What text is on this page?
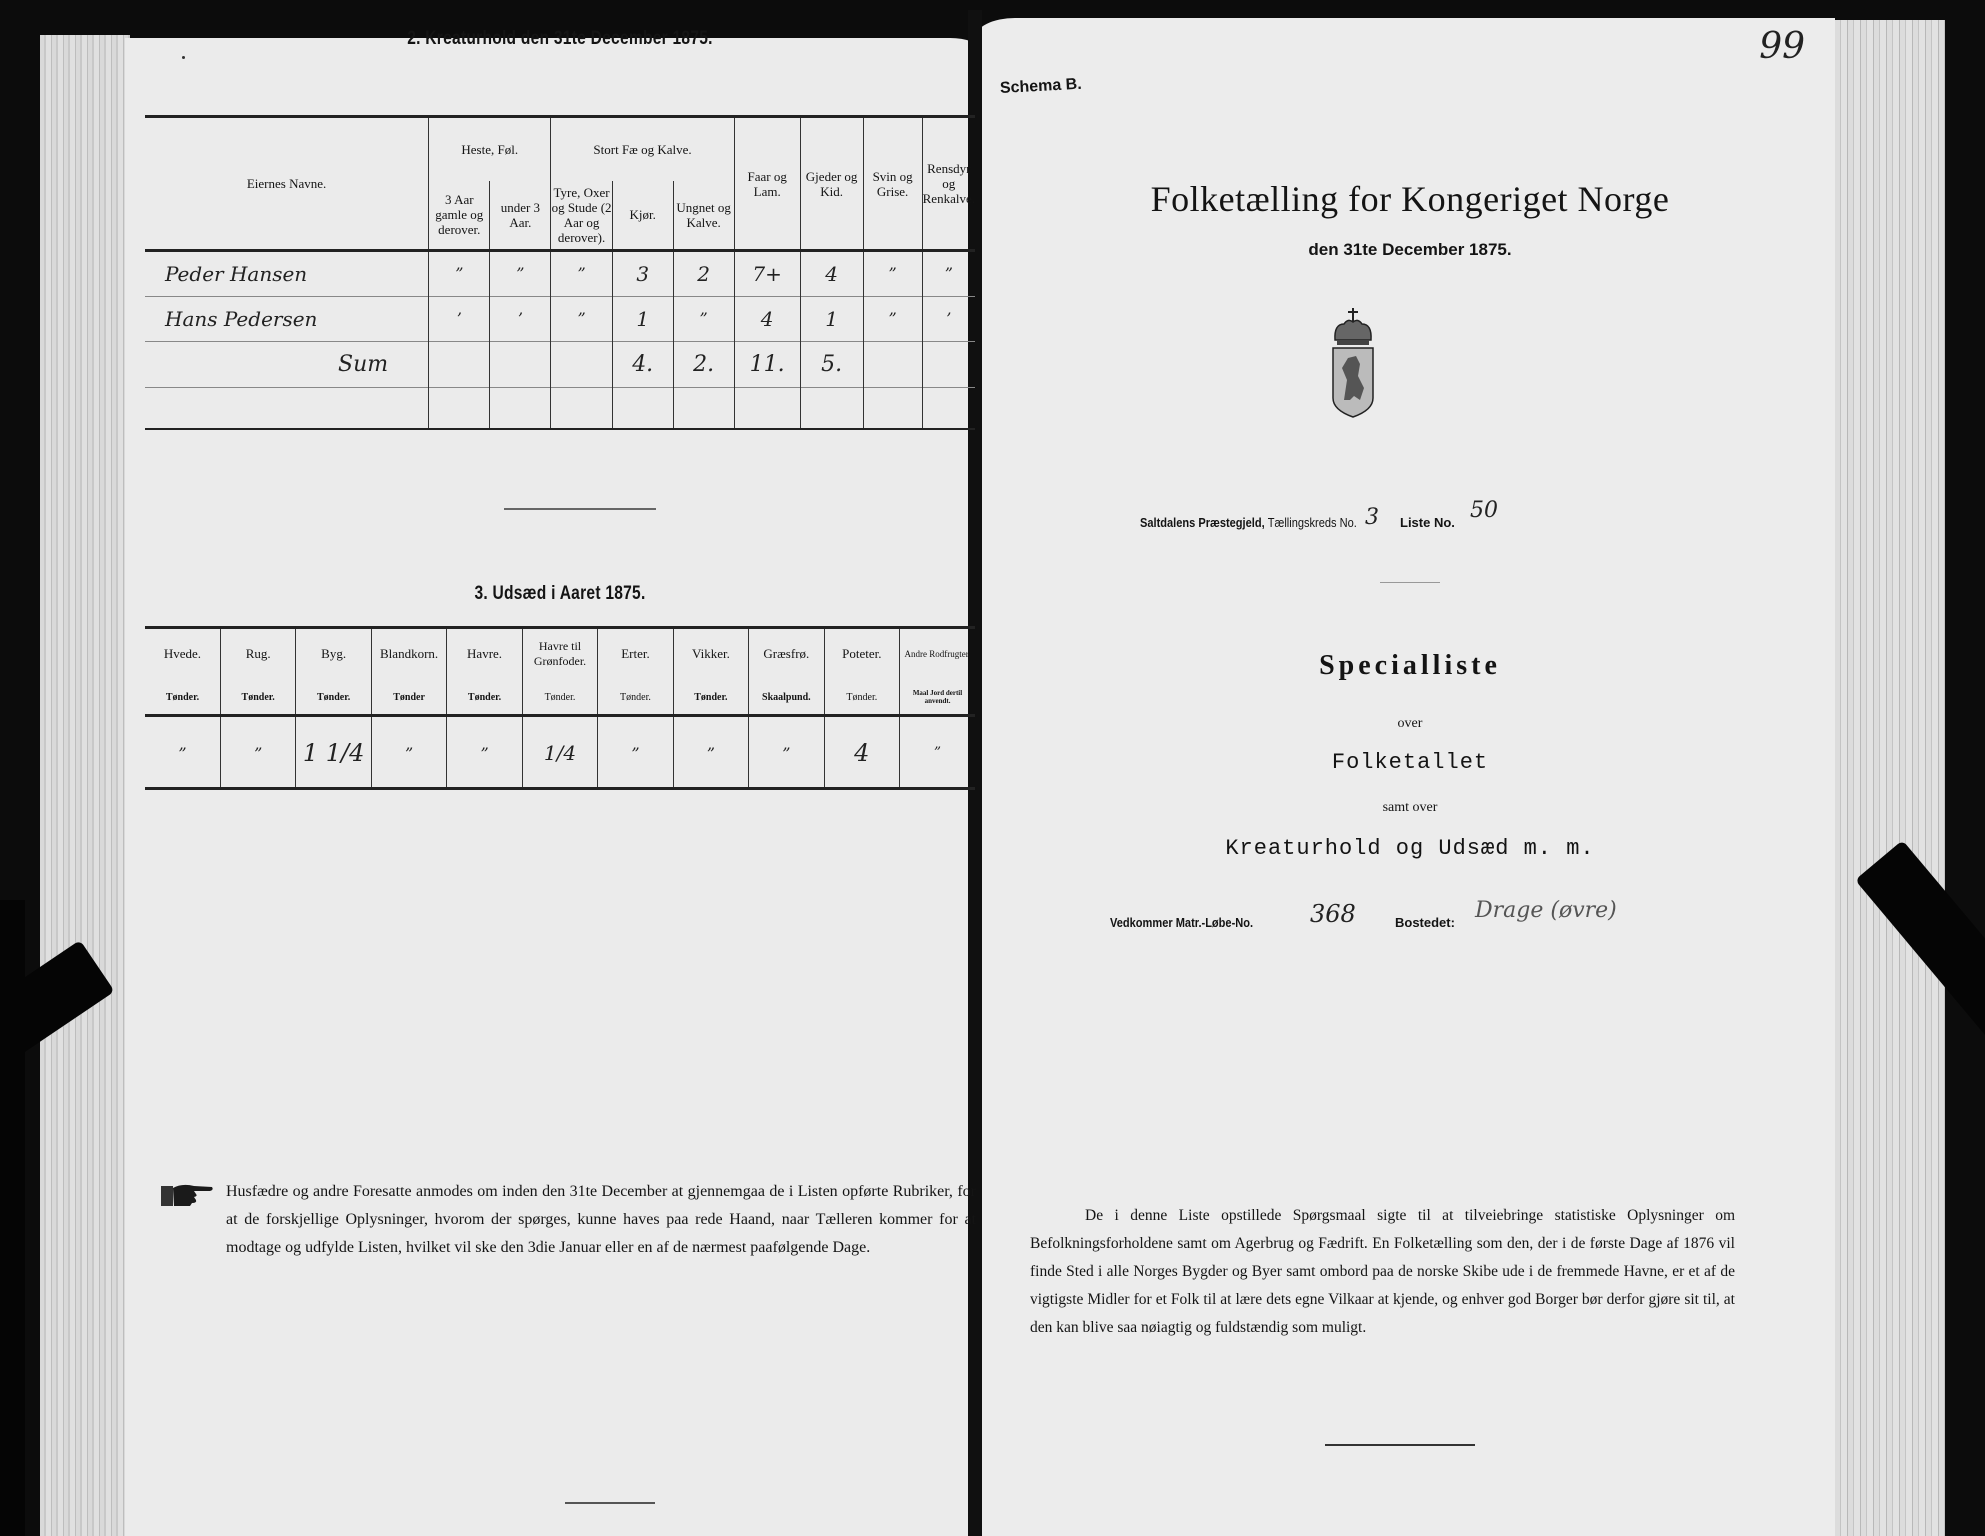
2. Kreaturhold den 31te December 1875.
Eiernes Navne.	Heste, Føl.		Stort Fæ og Kalve.			Faar og Lam.	Gjeder og Kid.	Svin og Grise.	Rensdyr og Renkalve.
	3 Aar gamle og derover.	under 3 Aar.	Tyre, Oxer og Stude (2 Aar og derover).	Kjør.	Ungnet og Kalve.				
Peder Hansen	”	”	”	3	2	7+	4	”	”
Hans Pedersen	’	’	”	1	”	4	1	”	’
Sum				4.	2.	11.	5.		

3. Udsæd i Aaret 1875.
Hvede.	Rug.	Byg.	Blandkorn.	Havre.	Havre til Grønfoder.	Erter.	Vikker.	Græsfrø.	Poteter.	Andre Rodfrugter.
Tønder.	Tønder.	Tønder.	Tønder	Tønder.	Tønder.	Tønder.	Tønder.	Skaalpund.	Tønder.	Maal Jord dertil anvendt.
”	”	1 1/4	”	”	1/4	”	”	”	4	”
Husfædre og andre Foresatte anmodes om inden den 31te December at gjennemgaa de i Listen opførte Rubriker, for at de forskjellige Oplysninger, hvorom der spørges, kunne haves paa rede Haand, naar Tælleren kommer for at modtage og udfylde Listen, hvilket vil ske den 3die Januar eller en af de nærmest paafølgende Dage.
Schema B.
99
Folketælling for Kongeriget Norge
den 31te December 1875.
Saltdalens Præstegjeld, Tællingskreds No. 3 Liste No. 50
Specialliste
over
Folketallet
samt over
Kreaturhold og Udsæd m. m.
Vedkommer Matr.-Løbe-No. 368	Bostedet: Drage (øvre)
De i denne Liste opstillede Spørgsmaal sigte til at tilveiebringe statistiske Oplysninger om Befolkningsforholdene samt om Agerbrug og Fædrift. En Folketælling som den, der i de første Dage af 1876 vil finde Sted i alle Norges Bygder og Byer samt ombord paa de norske Skibe ude i de fremmede Havne, er et af de vigtigste Midler for et Folk til at lære dets egne Vilkaar at kjende, og enhver god Borger bør derfor gjøre sit til, at den kan blive saa nøiagtig og fuldstændig som muligt.
